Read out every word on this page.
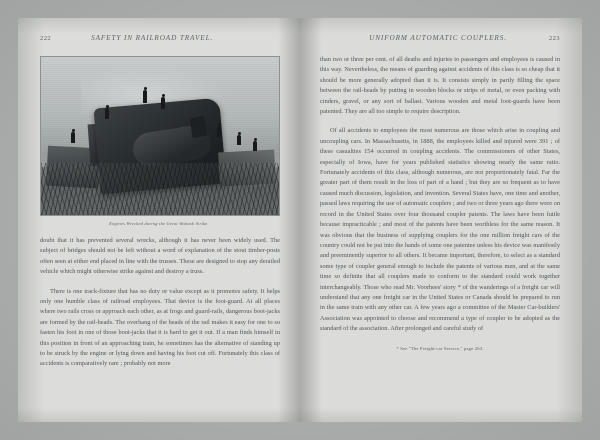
222	SAFETY IN RAILROAD TRAVEL.
Engines Wrecked during the Great Wabash Strike.

doubt that it has prevented several wrecks, although it has never been widely used. The subject of bridges should not be left without a word of explanation of the stout timber-posts often seen at either end placed in line with the trusses. These are designed to stop any derailed vehicle which might otherwise strike against and destroy a truss.

There is one track-fixture that has no duty or value except as it promotes safety. It helps only one humble class of railroad employees. That device is the foot-guard. At all places where two rails cross or approach each other, as at frogs and guard-rails, dangerous boot-jacks are formed by the rail-heads. The overhang of the heads of the rail makes it easy for one to so fasten his foot in one of those boot-jacks that it is hard to get it out. If a man finds himself in this position in front of an approaching train, he sometimes has the alternative of standing up to be struck by the engine or lying down and having his foot cut off. Fortunately this class of accidents is comparatively rare ; probably not more

UNIFORM AUTOMATIC COUPLERS.	223

than two or three per cent. of all deaths and injuries to passengers and employees is caused in this way. Nevertheless, the means of guarding against accidents of this class is so cheap that it should be more generally adopted than it is. It consists simply in partly filling the space between the rail-heads by putting in wooden blocks or strips of metal, or even packing with cinders, gravel, or any sort of ballast. Various wooden and metal foot-guards have been patented. They are all too simple to require description.

Of all accidents to employees the most numerous are those which arise in coupling and uncoupling cars. In Massachusetts, in 1888, the employees killed and injured were 391 ; of these casualties 154 occurred in coupling accidents. The commissioners of other States, especially of Iowa, have for years published statistics showing nearly the same ratio. Fortunately accidents of this class, although numerous, are not proportionately fatal. Far the greater part of them result in the loss of part of a hand ; but they are so frequent as to have caused much discussion, legislation, and invention. Several States have, one time and another, passed laws requiring the use of automatic couplers ; and two or three years ago there were on record in the United States over four thousand coupler patents. The laws have been futile because impracticable ; and most of the patents have been worthless for the same reason. It was obvious that the business of supplying couplers for the one million freight cars of the country could not be put into the hands of some one patentee unless his device was manifestly and preeminently superior to all others. It became important, therefore, to select as a standard some type of coupler general enough to include the patents of various men, and at the same time so definite that all couplers made to conform to the standard could work together interchangeably. Those who read Mr. Voorhees' story * of the wanderings of a freight car will understand that any one freight car in the United States or Canada should be prepared to run in the same train with any other car. A few years ago a committee of the Master Car-builders' Association was appointed to choose and recommend a type of coupler to be adopted as the standard of the association. After prolonged and careful study of

* See "The Freight-car Service," page 263.
